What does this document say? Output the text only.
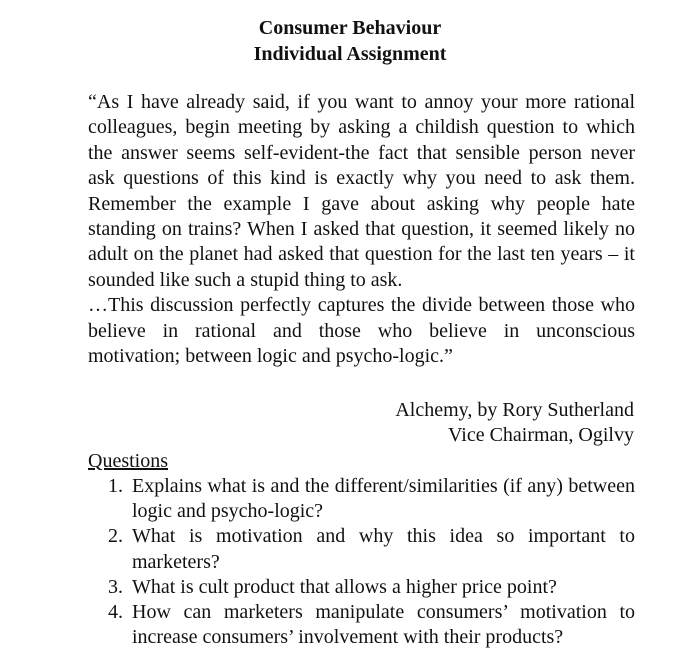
Consumer Behaviour
Individual Assignment

“As I have already said, if you want to annoy your more rational colleagues, begin meeting by asking a childish question to which the answer seems self-evident-the fact that sensible person never ask questions of this kind is exactly why you need to ask them. Remember the example I gave about asking why people hate standing on trains? When I asked that question, it seemed likely no adult on the planet had asked that question for the last ten years – it sounded like such a stupid thing to ask.

…This discussion perfectly captures the divide between those who believe in rational and those who believe in unconscious motivation; between logic and psycho-logic.”

Alchemy, by Rory Sutherland
Vice Chairman, Ogilvy
Questions
1. Explains what is and the different/similarities (if any) between logic and psycho-logic?
2. What is motivation and why this idea so important to marketers?
3. What is cult product that allows a higher price point?
4. How can marketers manipulate consumers’ motivation to increase consumers’ involvement with their products?
